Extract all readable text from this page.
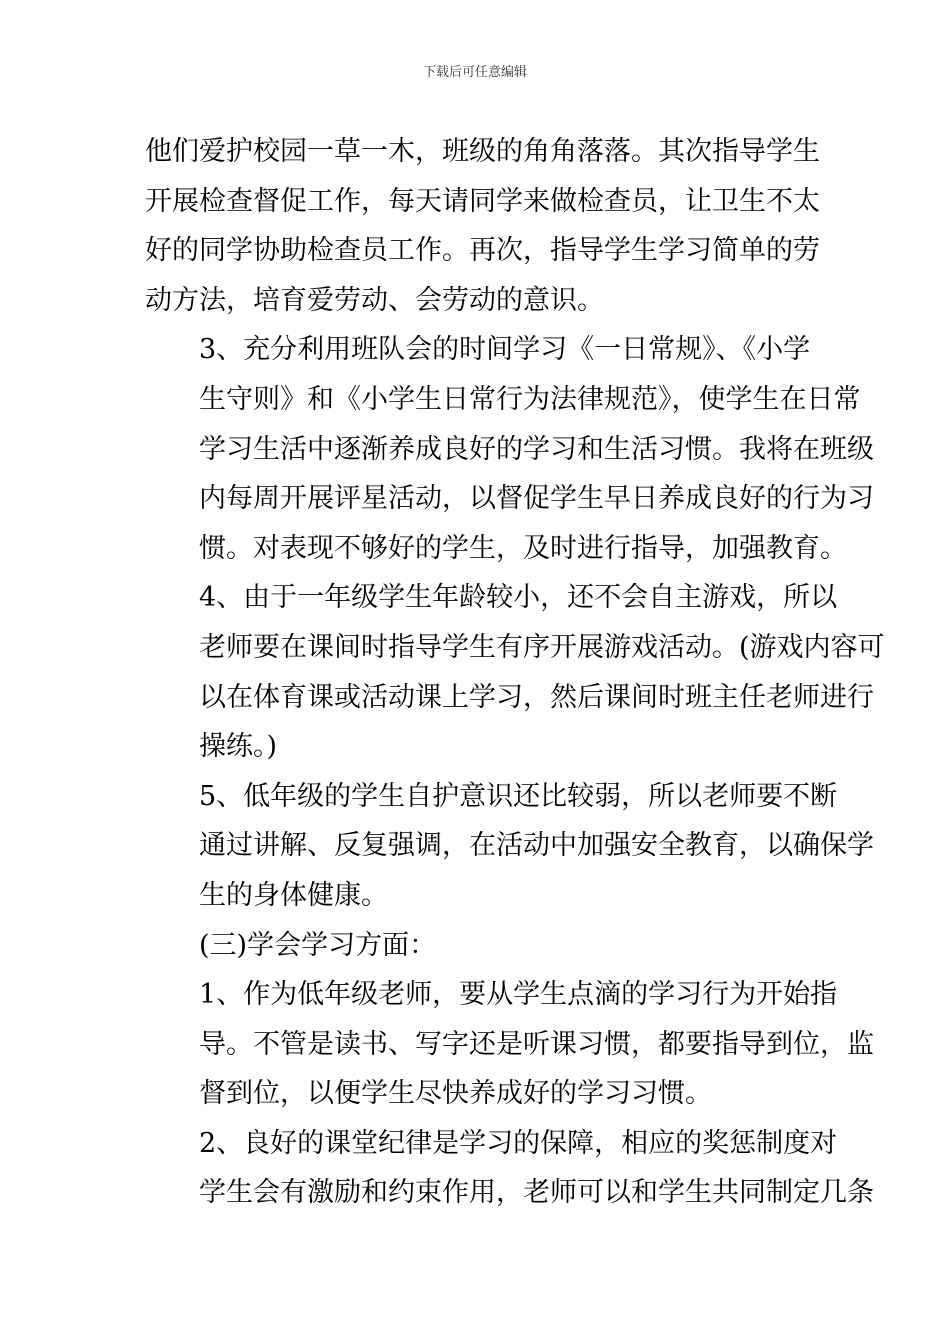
下载后可任意编辑

他们爱护校园一草一木，班级的角角落落。其次指导学生
开展检查督促工作，每天请同学来做检查员，让卫生不太
好的同学协助检查员工作。再次，指导学生学习简单的劳
动方法，培育爱劳动、会劳动的意识。

3、充分利用班队会的时间学习《一日常规》、《小学
生守则》和《小学生日常行为法律规范》，使学生在日常
学习生活中逐渐养成良好的学习和生活习惯。我将在班级
内每周开展评星活动，以督促学生早日养成良好的行为习
惯。对表现不够好的学生，及时进行指导，加强教育。

4、由于一年级学生年龄较小，还不会自主游戏，所以
老师要在课间时指导学生有序开展游戏活动。(游戏内容可
以在体育课或活动课上学习，然后课间时班主任老师进行
操练。)

5、低年级的学生自护意识还比较弱，所以老师要不断
通过讲解、反复强调，在活动中加强安全教育，以确保学
生的身体健康。

(三)学会学习方面：

1、作为低年级老师，要从学生点滴的学习行为开始指
导。不管是读书、写字还是听课习惯，都要指导到位，监
督到位，以便学生尽快养成好的学习习惯。

2、良好的课堂纪律是学习的保障，相应的奖惩制度对
学生会有激励和约束作用，老师可以和学生共同制定几条
